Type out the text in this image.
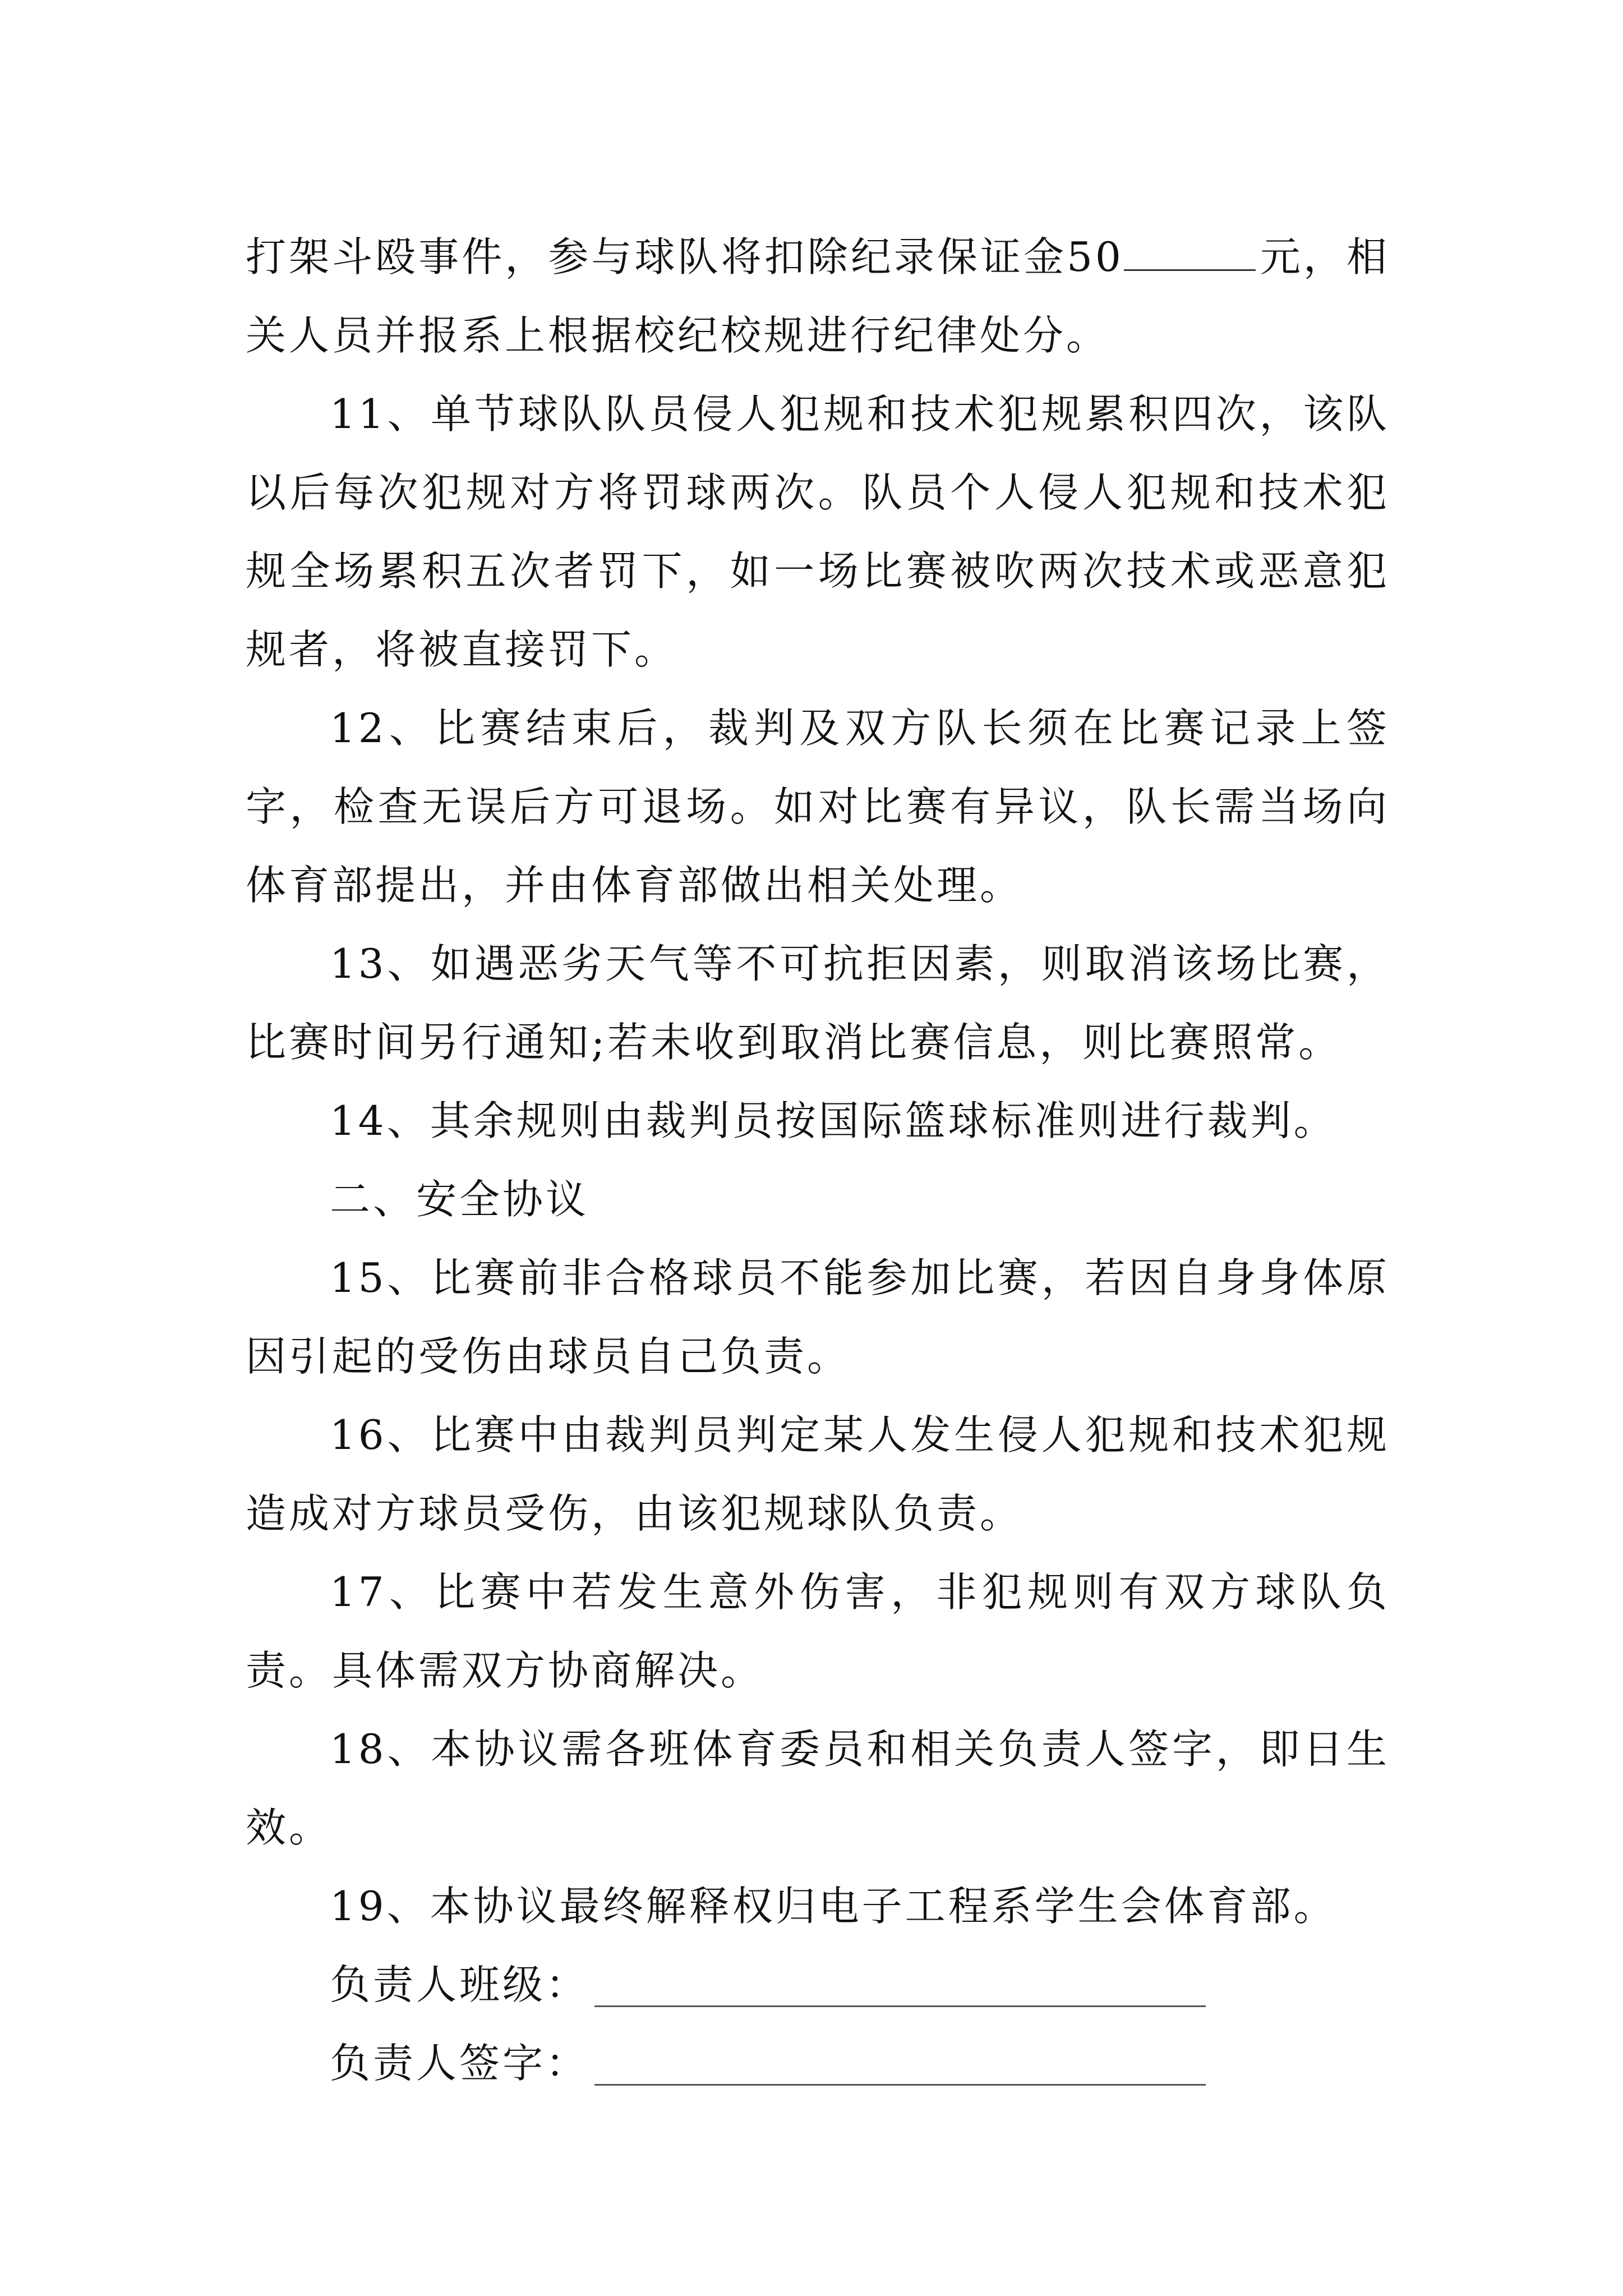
打架斗殴事件，参与球队将扣除纪录保证金50	元，相关人员并报系上根据校纪校规进行纪律处分。

11、单节球队队员侵人犯规和技术犯规累积四次，该队以后每次犯规对方将罚球两次。队员个人侵人犯规和技术犯规全场累积五次者罚下，如一场比赛被吹两次技术或恶意犯规者，将被直接罚下。

12、比赛结束后，裁判及双方队长须在比赛记录上签字，检查无误后方可退场。如对比赛有异议，队长需当场向体育部提出，并由体育部做出相关处理。

13、如遇恶劣天气等不可抗拒因素，则取消该场比赛，比赛时间另行通知;若未收到取消比赛信息，则比赛照常。

14、其余规则由裁判员按国际篮球标准则进行裁判。

二、安全协议

15、比赛前非合格球员不能参加比赛，若因自身身体原因引起的受伤由球员自己负责。

16、比赛中由裁判员判定某人发生侵人犯规和技术犯规造成对方球员受伤，由该犯规球队负责。

17、比赛中若发生意外伤害，非犯规则有双方球队负责。具体需双方协商解决。

18、本协议需各班体育委员和相关负责人签字，即日生效。

19、本协议最终解释权归电子工程系学生会体育部。

负责人班级：
负责人签字：
